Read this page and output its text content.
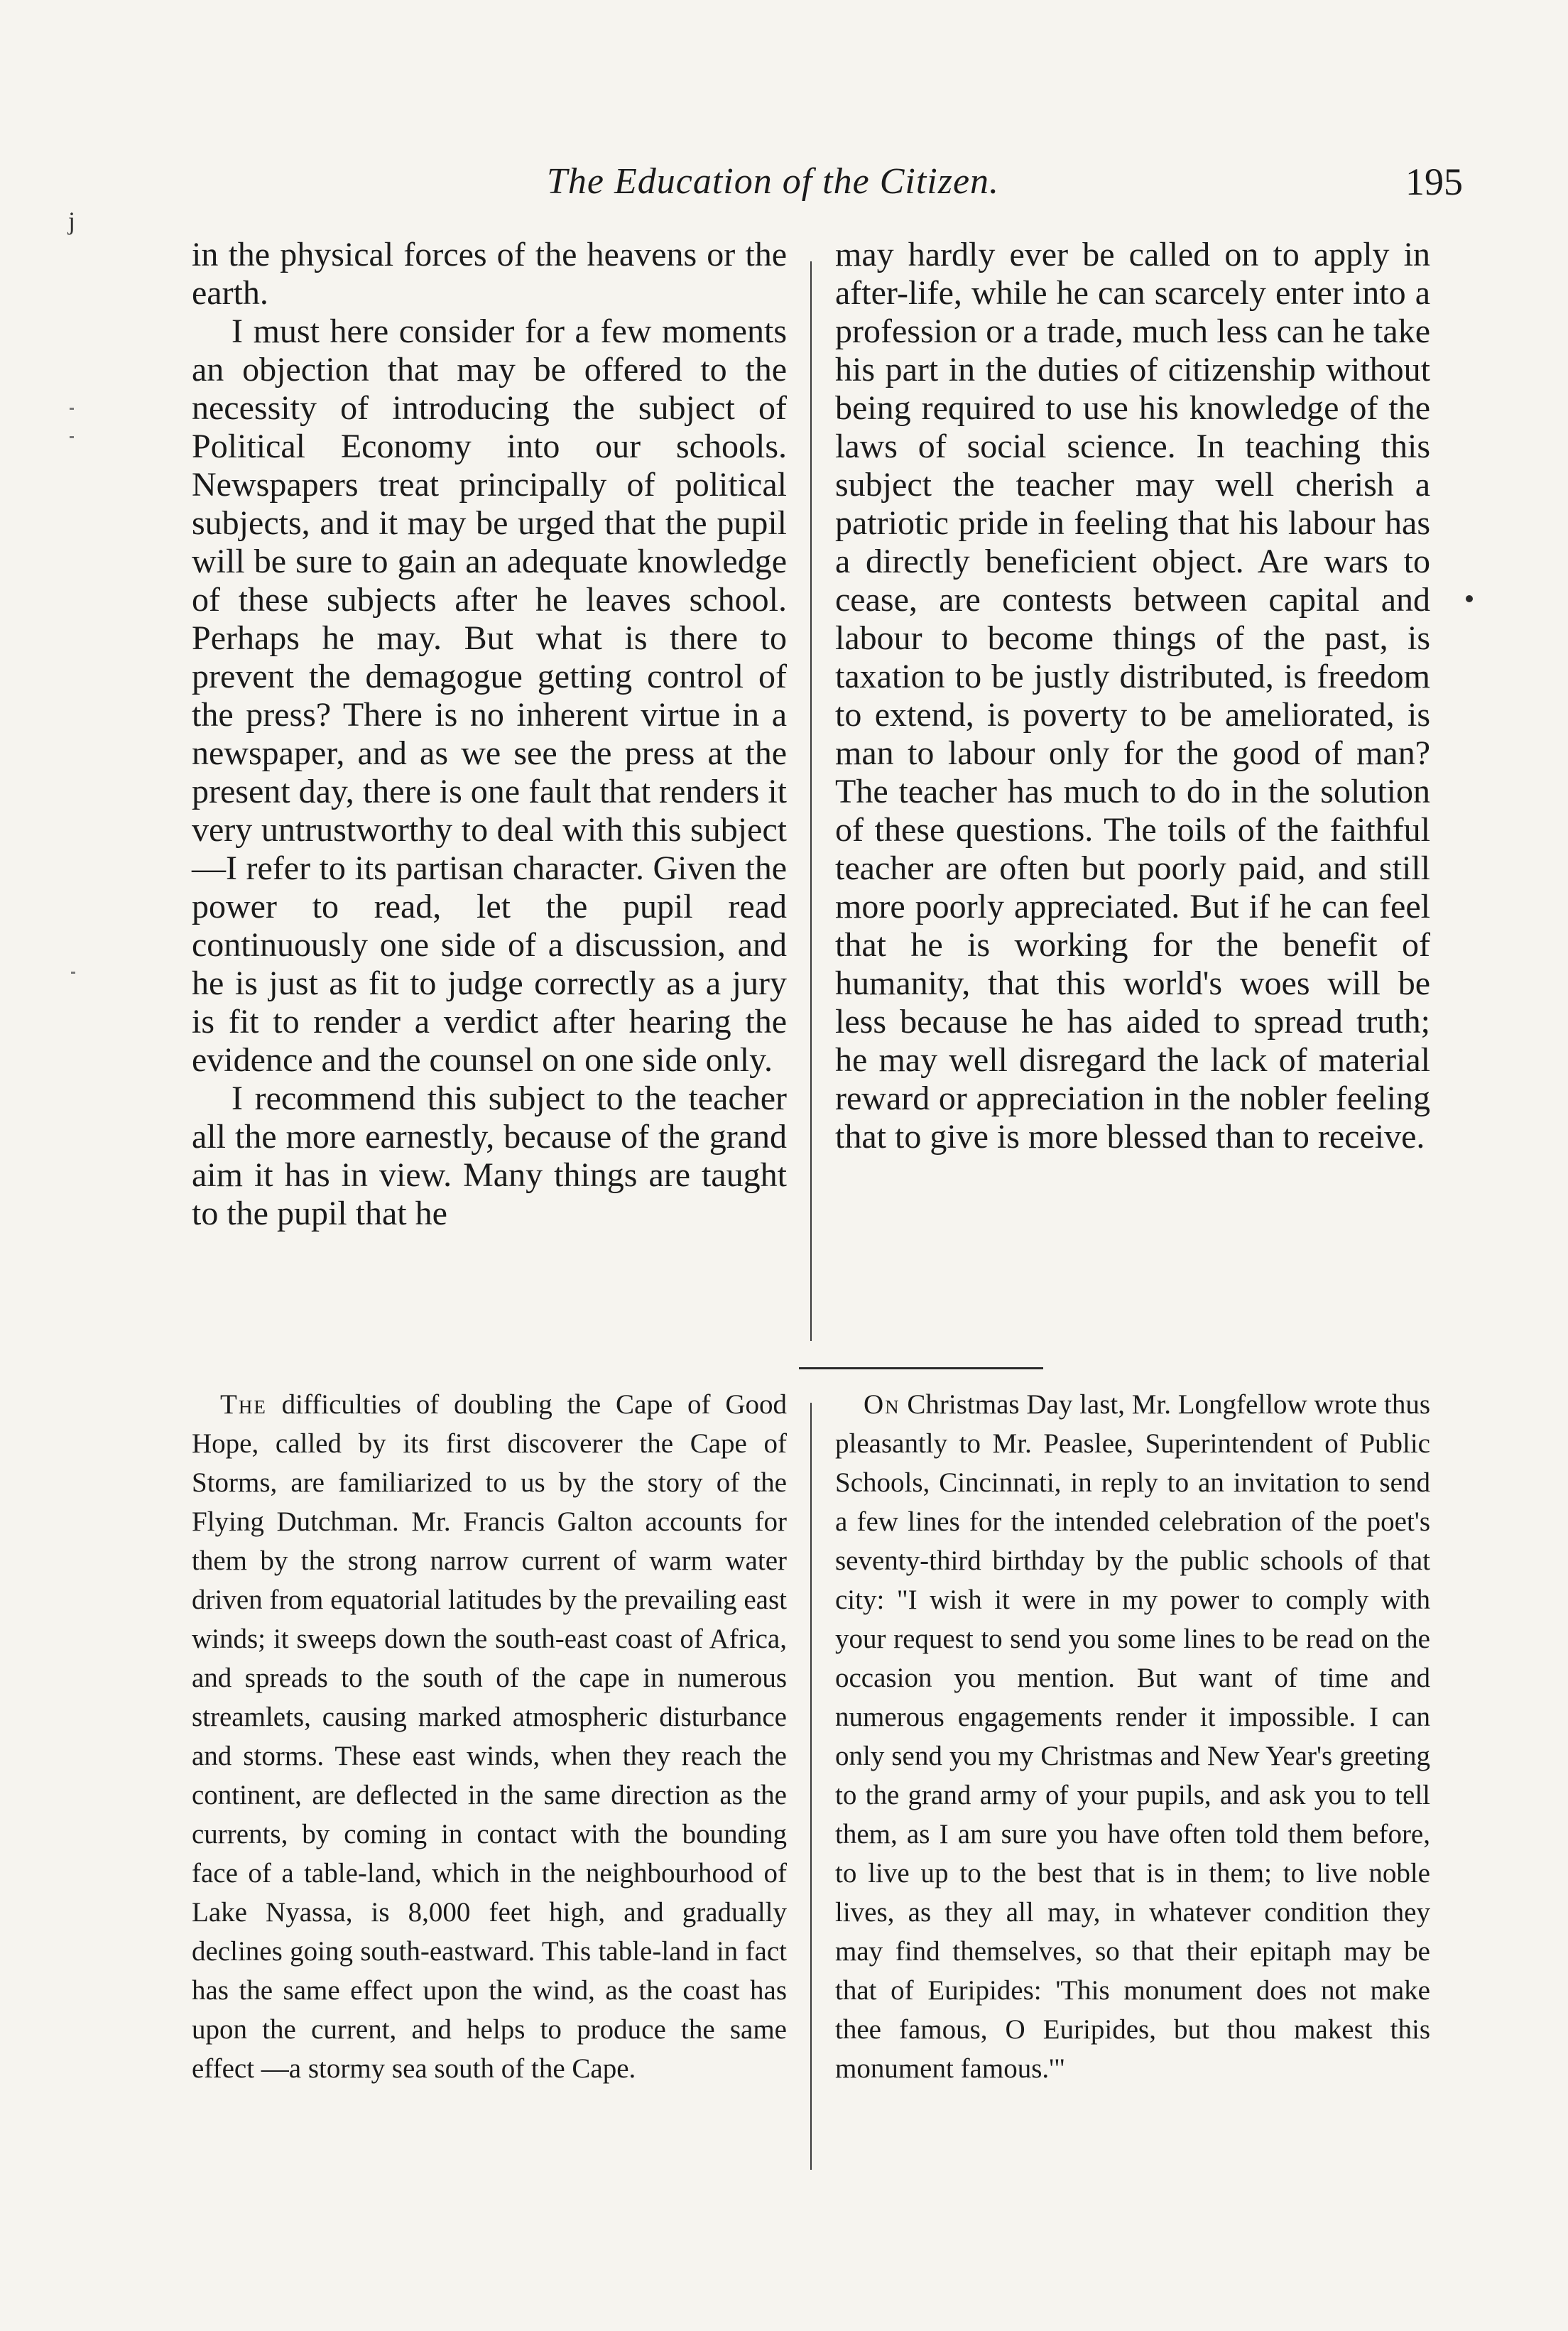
j
The Education of the Citizen.	195

in the physical forces of the heavens or the earth.

I must here consider for a few moments an objection that may be offered to the necessity of introducing the subject of Political Economy into our schools. Newspapers treat principally of political subjects, and it may be urged that the pupil will be sure to gain an adequate knowledge of these subjects after he leaves school. Perhaps he may. But what is there to prevent the demagogue getting control of the press? There is no inherent virtue in a newspaper, and as we see the press at the present day, there is one fault that renders it very untrustworthy to deal with this subject—I refer to its partisan character. Given the power to read, let the pupil read continuously one side of a discussion, and he is just as fit to judge correctly as a jury is fit to render a verdict after hearing the evidence and the counsel on one side only.

I recommend this subject to the teacher all the more earnestly, because of the grand aim it has in view. Many things are taught to the pupil that he

may hardly ever be called on to apply in after-life, while he can scarcely enter into a profession or a trade, much less can he take his part in the duties of citizenship without being required to use his knowledge of the laws of social science. In teaching this subject the teacher may well cherish a patriotic pride in feeling that his labour has a directly beneficient object. Are wars to cease, are contests between capital and labour to become things of the past, is taxation to be justly distributed, is freedom to extend, is poverty to be ameliorated, is man to labour only for the good of man? The teacher has much to do in the solution of these questions. The toils of the faithful teacher are often but poorly paid, and still more poorly appreciated. But if he can feel that he is working for the benefit of humanity, that this world's woes will be less because he has aided to spread truth; he may well disregard the lack of material reward or appreciation in the nobler feeling that to give is more blessed than to receive.

The difficulties of doubling the Cape of Good Hope, called by its first discoverer the Cape of Storms, are familiarized to us by the story of the Flying Dutchman. Mr. Francis Galton accounts for them by the strong narrow current of warm water driven from equatorial latitudes by the prevailing east winds; it sweeps down the south-east coast of Africa, and spreads to the south of the cape in numerous streamlets, causing marked atmospheric disturbance and storms. These east winds, when they reach the continent, are deflected in the same direction as the currents, by coming in contact with the bounding face of a table-land, which in the neighbourhood of Lake Nyassa, is 8,000 feet high, and gradually declines going south-eastward. This table-land in fact has the same effect upon the wind, as the coast has upon the current, and helps to produce the same effect —a stormy sea south of the Cape.

On Christmas Day last, Mr. Longfellow wrote thus pleasantly to Mr. Peaslee, Superintendent of Public Schools, Cincinnati, in reply to an invitation to send a few lines for the intended celebration of the poet's seventy-third birthday by the public schools of that city: "I wish it were in my power to comply with your request to send you some lines to be read on the occasion you mention. But want of time and numerous engagements render it impossible. I can only send you my Christmas and New Year's greeting to the grand army of your pupils, and ask you to tell them, as I am sure you have often told them before, to live up to the best that is in them; to live noble lives, as they all may, in whatever condition they may find themselves, so that their epitaph may be that of Euripides: 'This monument does not make thee famous, O Euripides, but thou makest this monument famous.'"
